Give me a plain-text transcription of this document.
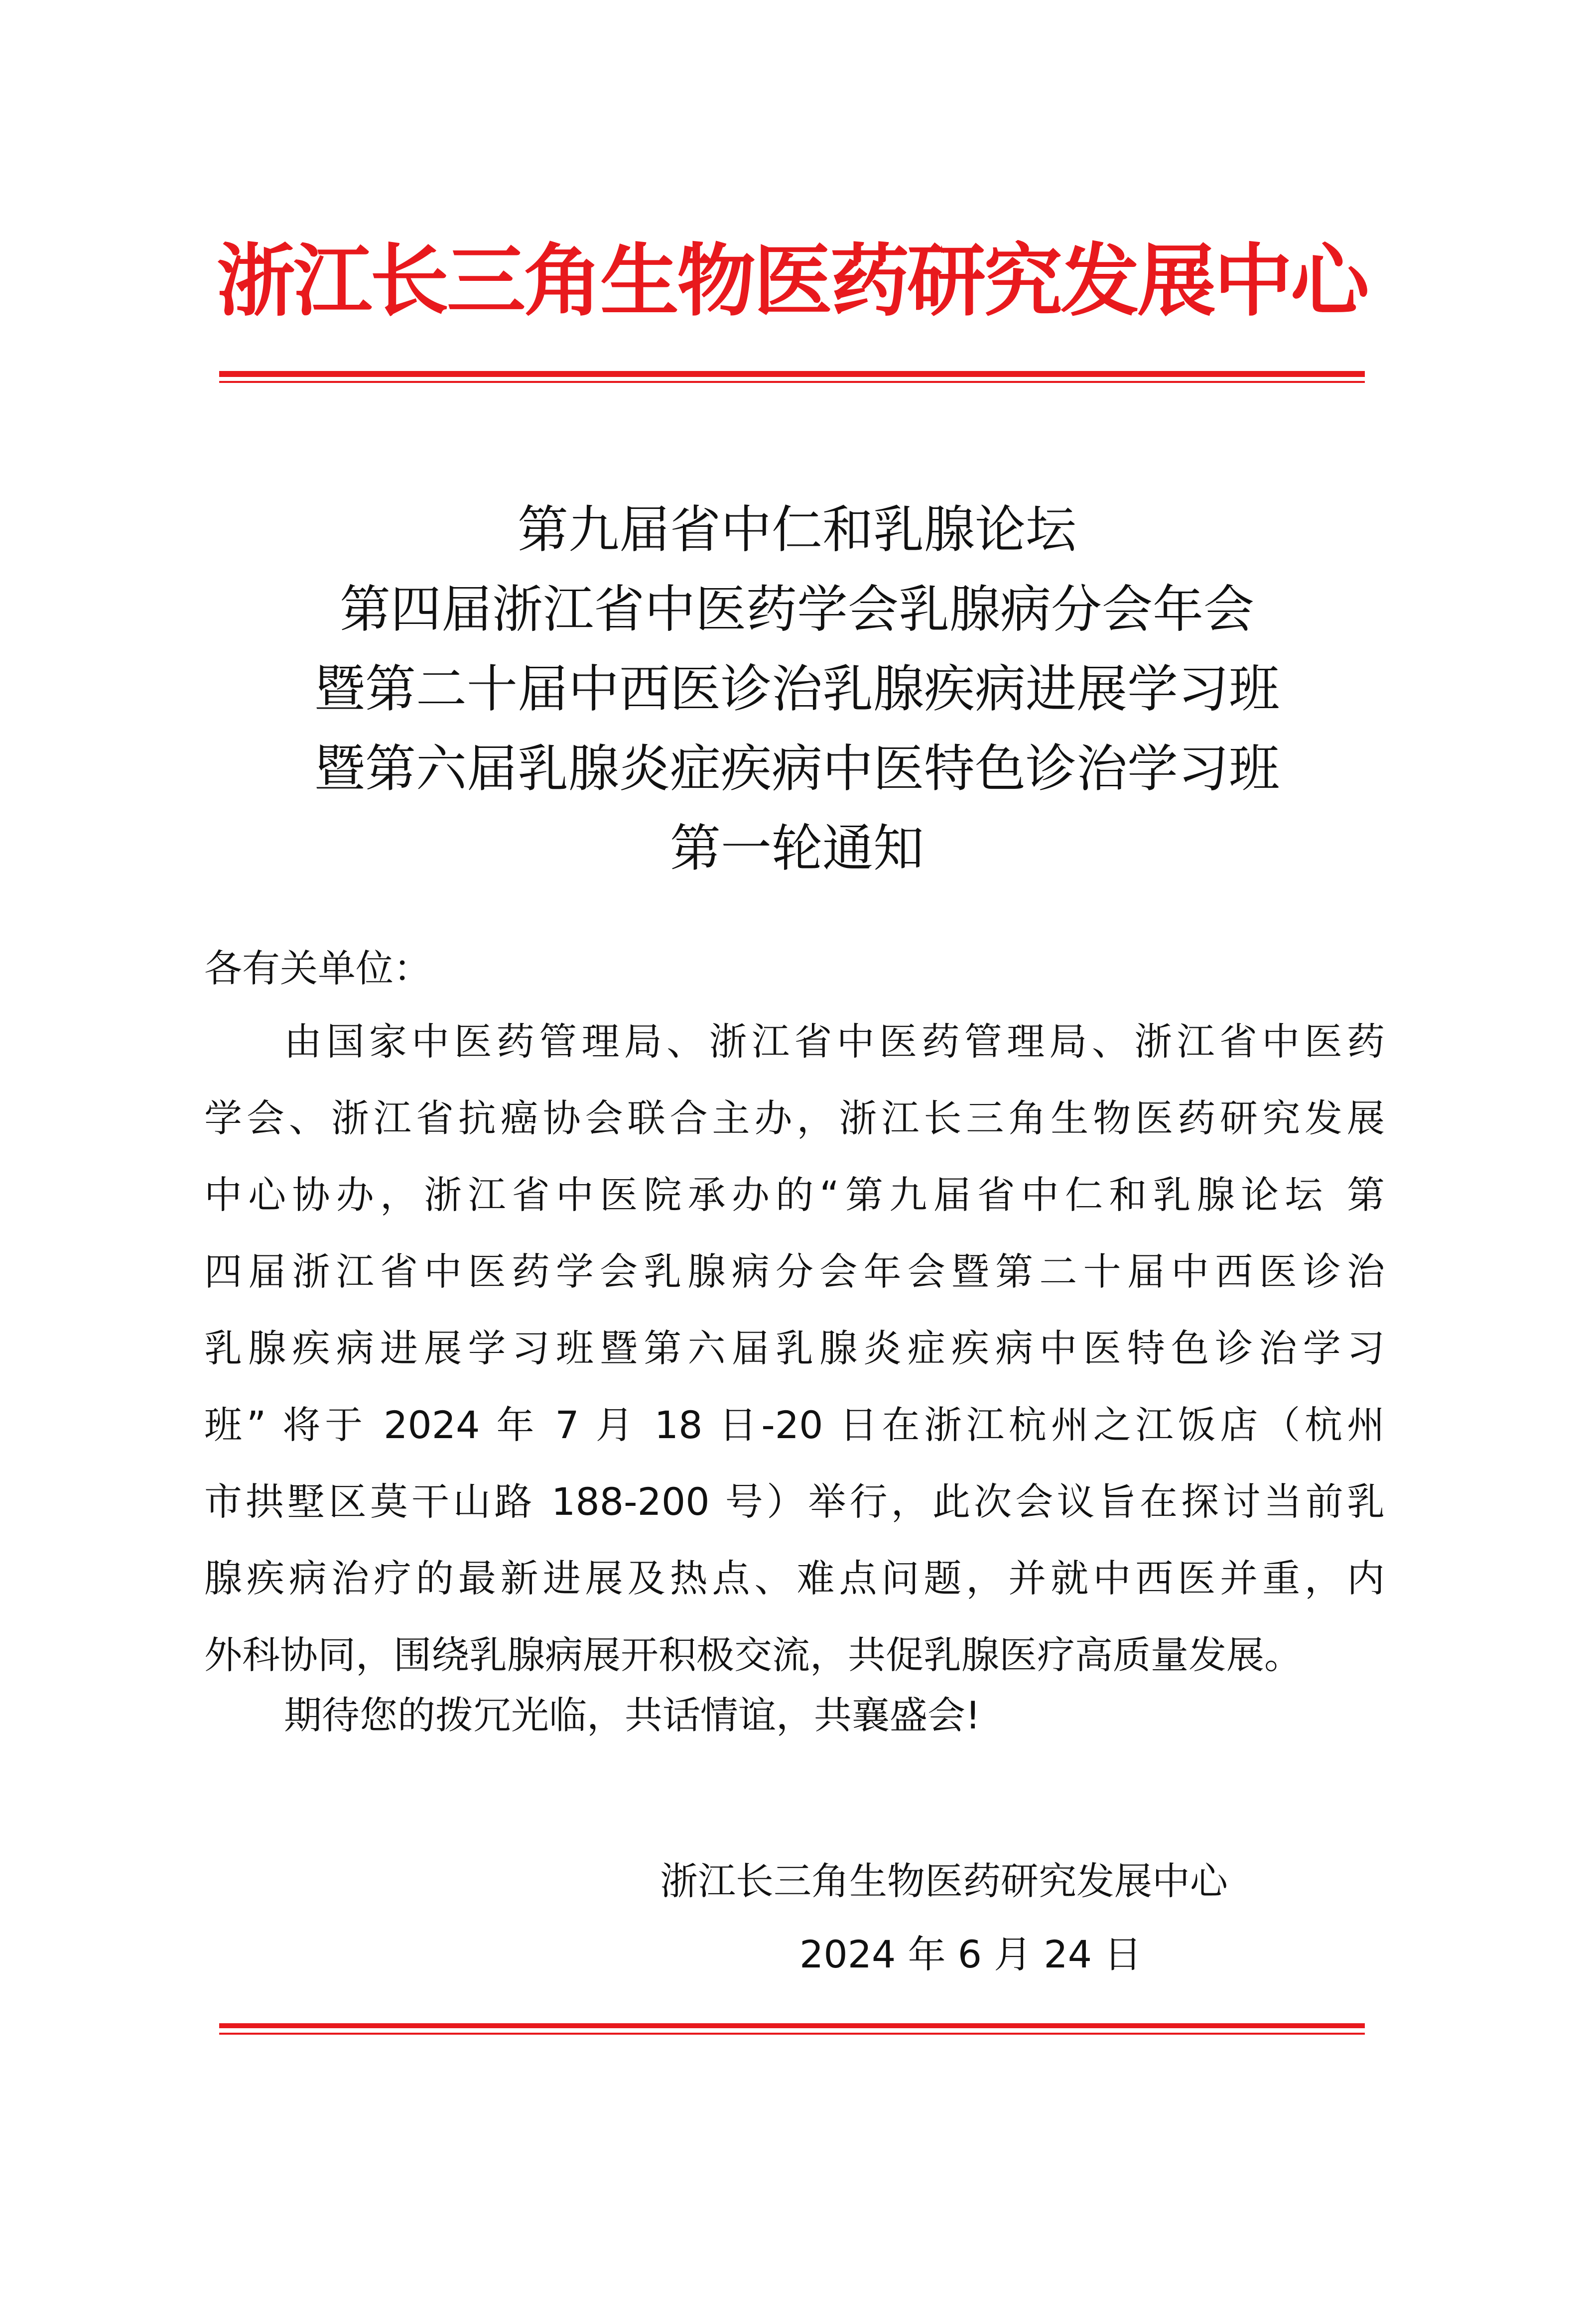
浙江长三角生物医药研究发展中心
第九届省中仁和乳腺论坛
第四届浙江省中医药学会乳腺病分会年会
暨第二十届中西医诊治乳腺疾病进展学习班
暨第六届乳腺炎症疾病中医特色诊治学习班
第一轮通知
各有关单位：
由国家中医药管理局、浙江省中医药管理局、浙江省中医药
学会、浙江省抗癌协会联合主办，浙江长三角生物医药研究发展
中心协办，浙江省中医院承办的“第九届省中仁和乳腺论坛 第
四届浙江省中医药学会乳腺病分会年会暨第二十届中西医诊治
乳腺疾病进展学习班暨第六届乳腺炎症疾病中医特色诊治学习
班” 将于 2024 年 7 月 18 日-20 日在浙江杭州之江饭店（杭州
市拱墅区莫干山路 188-200 号）举行，此次会议旨在探讨当前乳
腺疾病治疗的最新进展及热点、难点问题，并就中西医并重，内
外科协同，围绕乳腺病展开积极交流，共促乳腺医疗高质量发展。
期待您的拨冗光临，共话情谊，共襄盛会!
浙江长三角生物医药研究发展中心
2024 年 6 月 24 日
